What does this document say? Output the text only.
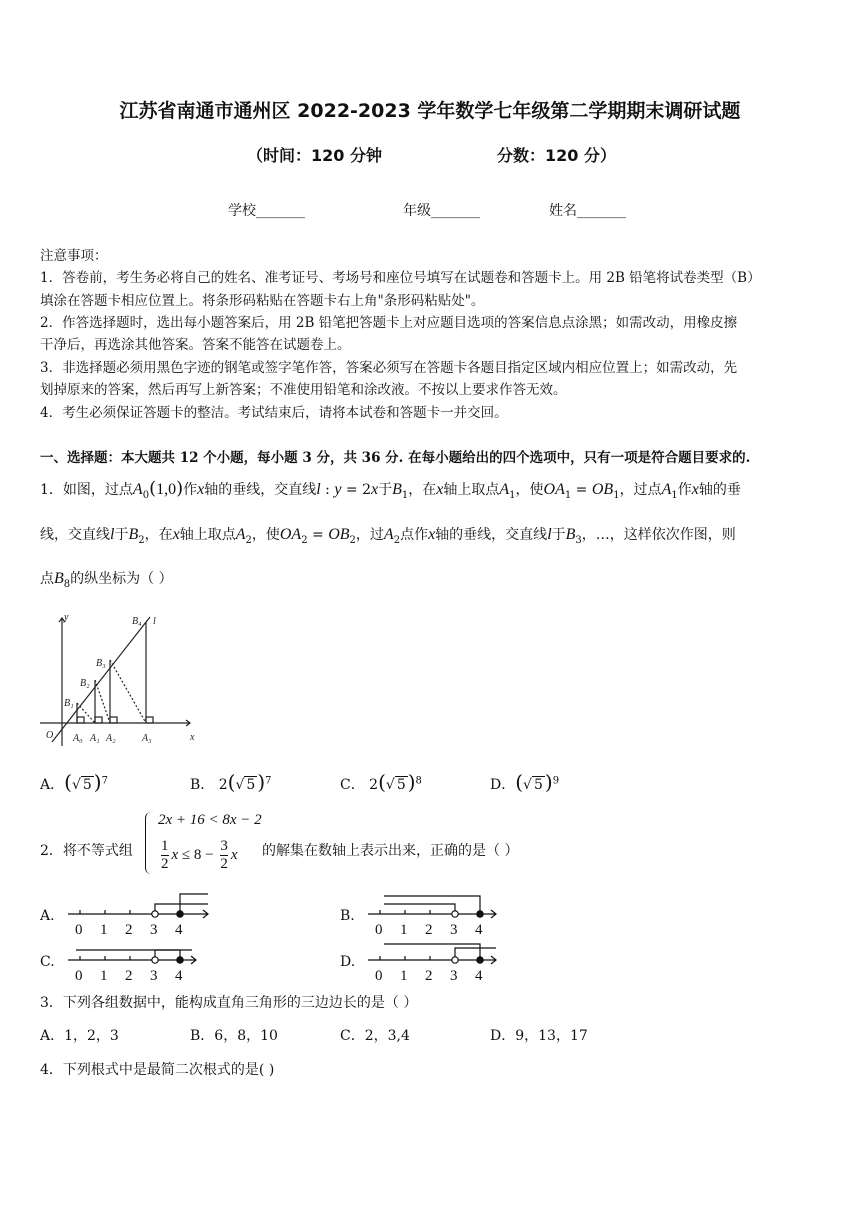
江苏省南通市通州区 2022-2023 学年数学七年级第二学期期末调研试题
（时间：120 分钟	分数：120 分）
学校_______	年级_______	姓名_______
注意事项：
1．答卷前，考生务必将自己的姓名、准考证号、考场号和座位号填写在试题卷和答题卡上。用 2B 铅笔将试卷类型（B）
填涂在答题卡相应位置上。将条形码粘贴在答题卡右上角"条形码粘贴处"。
2．作答选择题时，选出每小题答案后，用 2B 铅笔把答题卡上对应题目选项的答案信息点涂黑；如需改动，用橡皮擦
干净后，再选涂其他答案。答案不能答在试题卷上。
3．非选择题必须用黑色字迹的钢笔或签字笔作答，答案必须写在答题卡各题目指定区域内相应位置上；如需改动，先
划掉原来的答案，然后再写上新答案；不准使用铅笔和涂改液。不按以上要求作答无效。
4．考生必须保证答题卡的整洁。考试结束后，请将本试卷和答题卡一并交回。
一、选择题：本大题共 12 个小题，每小题 3 分，共 36 分. 在每小题给出的四个选项中，只有一项是符合题目要求的.
1．如图，过点$A_0(1,0)$作x轴的垂线，交直线l : y = 2x于$B_1$，在x轴上取点$A_1$，使$OA_1 = OB_1$，过点$A_1$作x轴的垂
线，交直线l于$B_2$，在x轴上取点$A_2$，使$OA_2 = OB_2$，过$A_2$点作x轴的垂线，交直线l于$B_3$，…，这样依次作图，则
点$B_8$的纵坐标为（ ）
y
x
O
l
B₁
B₂
B₃
B₄
A₀ A₁ A₂	A₃
A．(√ 5 )$^7$	B． 2(√ 5 )$^7$	C． 2(√ 5 )$^8$	D．(√ 5 )$^9$
2．将不等式组
2x + 16 < 8x − 2
$\frac{1}{2}$ $x \le 8 - \frac{3}{2}$ x 的解集在数轴上表示出来，正确的是（ ）
A.
0 1 2 3 4
B.
0 1 2 3 4
C.
0 1 2 3 4
D.
0 1 2 3 4
3．下列各组数据中，能构成直角三角形的三边边长的是（ ）
A．1，2，3	B．6，8，10	C．2，3,4	D．9，13，17
4．下列根式中是最简二次根式的是( )
